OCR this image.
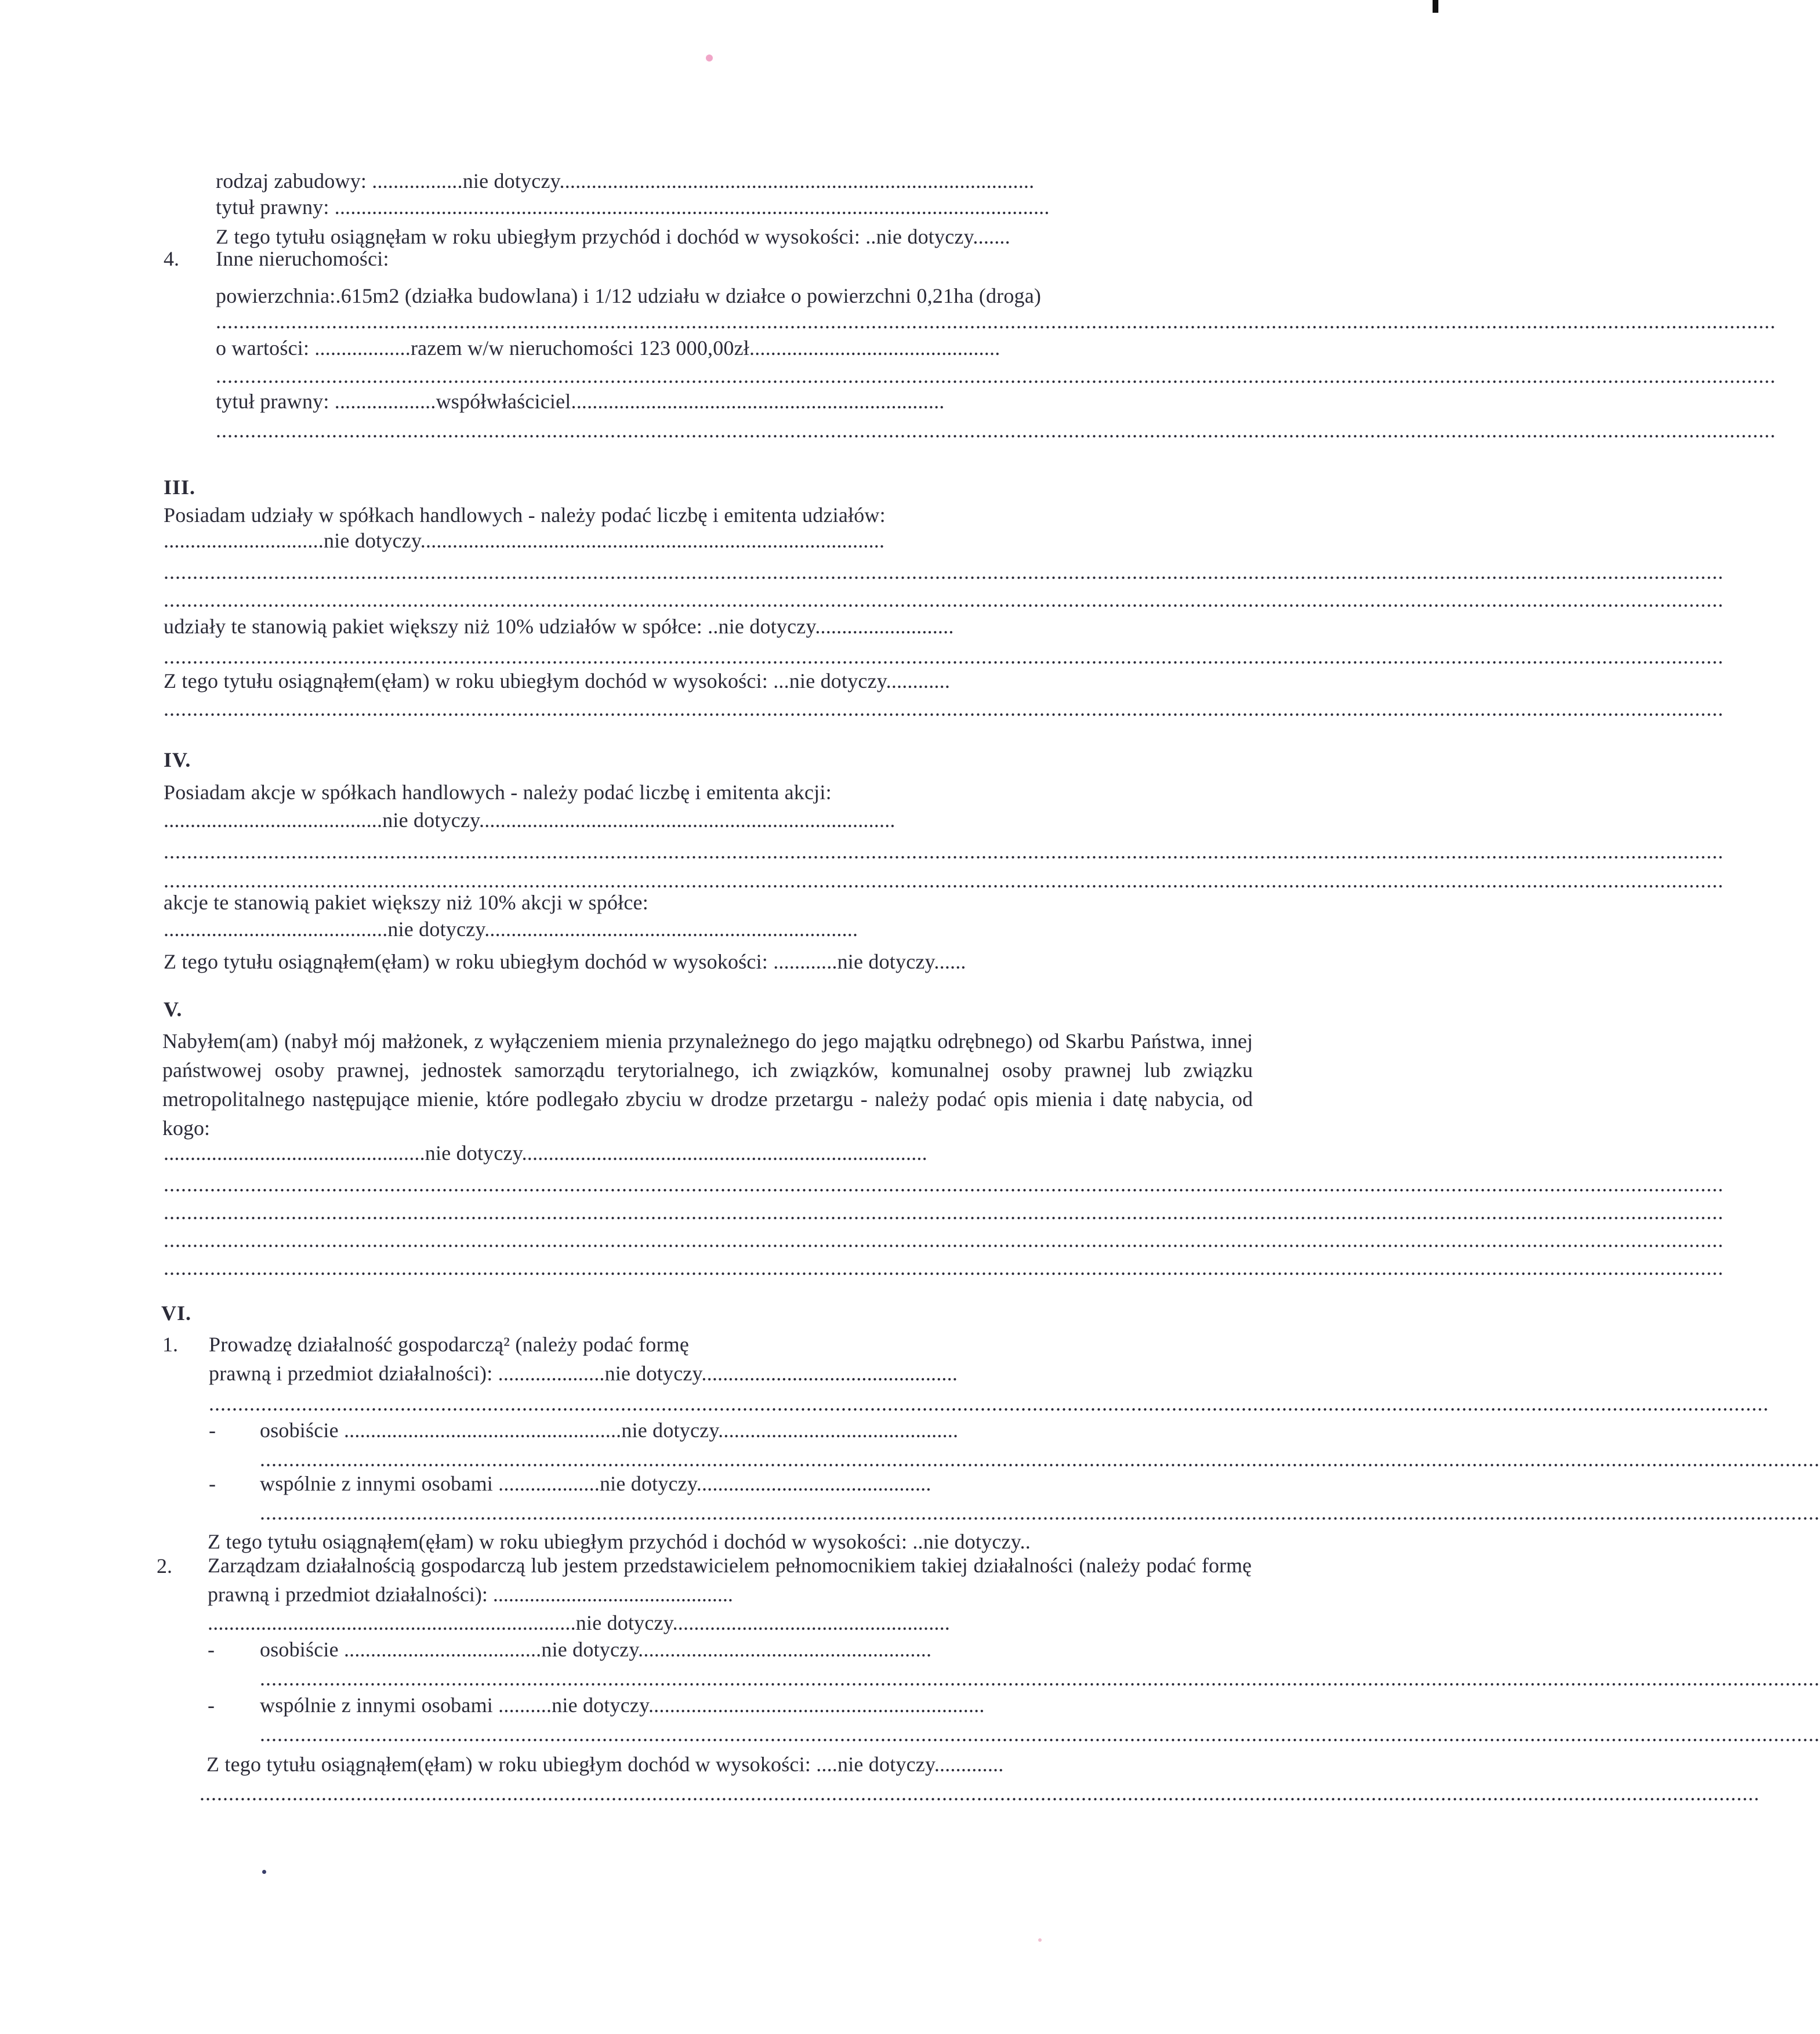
rodzaj zabudowy: .................nie dotyczy.........................................................................................
tytuł prawny: ......................................................................................................................................
Z tego tytułu osiągnęłam w roku ubiegłym przychód i dochód w wysokości: ..nie dotyczy.......
4. Inne nieruchomości:
powierzchnia:.615m2 (działka budowlana) i 1/12 udziału w działce o powierzchni 0,21ha (droga)
.............................................................................................................................................................................................................................................................................
o wartości: ..................razem w/w nieruchomości 123 000,00zł...............................................
.............................................................................................................................................................................................................................................................................
tytuł prawny: ...................współwłaściciel......................................................................
.............................................................................................................................................................................................................................................................................
III.
Posiadam udziały w spółkach handlowych - należy podać liczbę i emitenta udziałów:
..............................nie dotyczy.......................................................................................
.............................................................................................................................................................................................................................................................................
.............................................................................................................................................................................................................................................................................
udziały te stanowią pakiet większy niż 10% udziałów w spółce: ..nie dotyczy..........................
.............................................................................................................................................................................................................................................................................
Z tego tytułu osiągnąłem(ęłam) w roku ubiegłym dochód w wysokości: ...nie dotyczy............
.............................................................................................................................................................................................................................................................................
IV.
Posiadam akcje w spółkach handlowych - należy podać liczbę i emitenta akcji:
.........................................nie dotyczy..............................................................................
.............................................................................................................................................................................................................................................................................
.............................................................................................................................................................................................................................................................................
akcje te stanowią pakiet większy niż 10% akcji w spółce:
..........................................nie dotyczy......................................................................
Z tego tytułu osiągnąłem(ęłam) w roku ubiegłym dochód w wysokości: ............nie dotyczy......
V.
Nabyłem(am) (nabył mój małżonek, z wyłączeniem mienia przynależnego do jego majątku odrębnego) od Skarbu Państwa, innej państwowej osoby prawnej, jednostek samorządu terytorialnego, ich związków, komunalnej osoby prawnej lub związku metropolitalnego następujące mienie, które podlegało zbyciu w drodze przetargu - należy podać opis mienia i datę nabycia, od kogo:
.................................................nie dotyczy............................................................................
.............................................................................................................................................................................................................................................................................
.............................................................................................................................................................................................................................................................................
.............................................................................................................................................................................................................................................................................
.............................................................................................................................................................................................................................................................................
VI.
1. Prowadzę działalność gospodarczą² (należy podać formę
prawną i przedmiot działalności): ....................nie dotyczy................................................
.............................................................................................................................................................................................................................................................................
- osobiście ....................................................nie dotyczy.............................................
.............................................................................................................................................................................................................................................................................
- wspólnie z innymi osobami ...................nie dotyczy............................................
.............................................................................................................................................................................................................................................................................
Z tego tytułu osiągnąłem(ęłam) w roku ubiegłym przychód i dochód w wysokości: ..nie dotyczy..
2. Zarządzam działalnością gospodarczą lub jestem przedstawicielem pełnomocnikiem takiej działalności (należy podać formę prawną i przedmiot działalności): ..............................................
.....................................................................nie dotyczy....................................................
- osobiście .....................................nie dotyczy.......................................................
.............................................................................................................................................................................................................................................................................
- wspólnie z innymi osobami ..........nie dotyczy...............................................................
.............................................................................................................................................................................................................................................................................
Z tego tytułu osiągnąłem(ęłam) w roku ubiegłym dochód w wysokości: ....nie dotyczy.............
.............................................................................................................................................................................................................................................................................
